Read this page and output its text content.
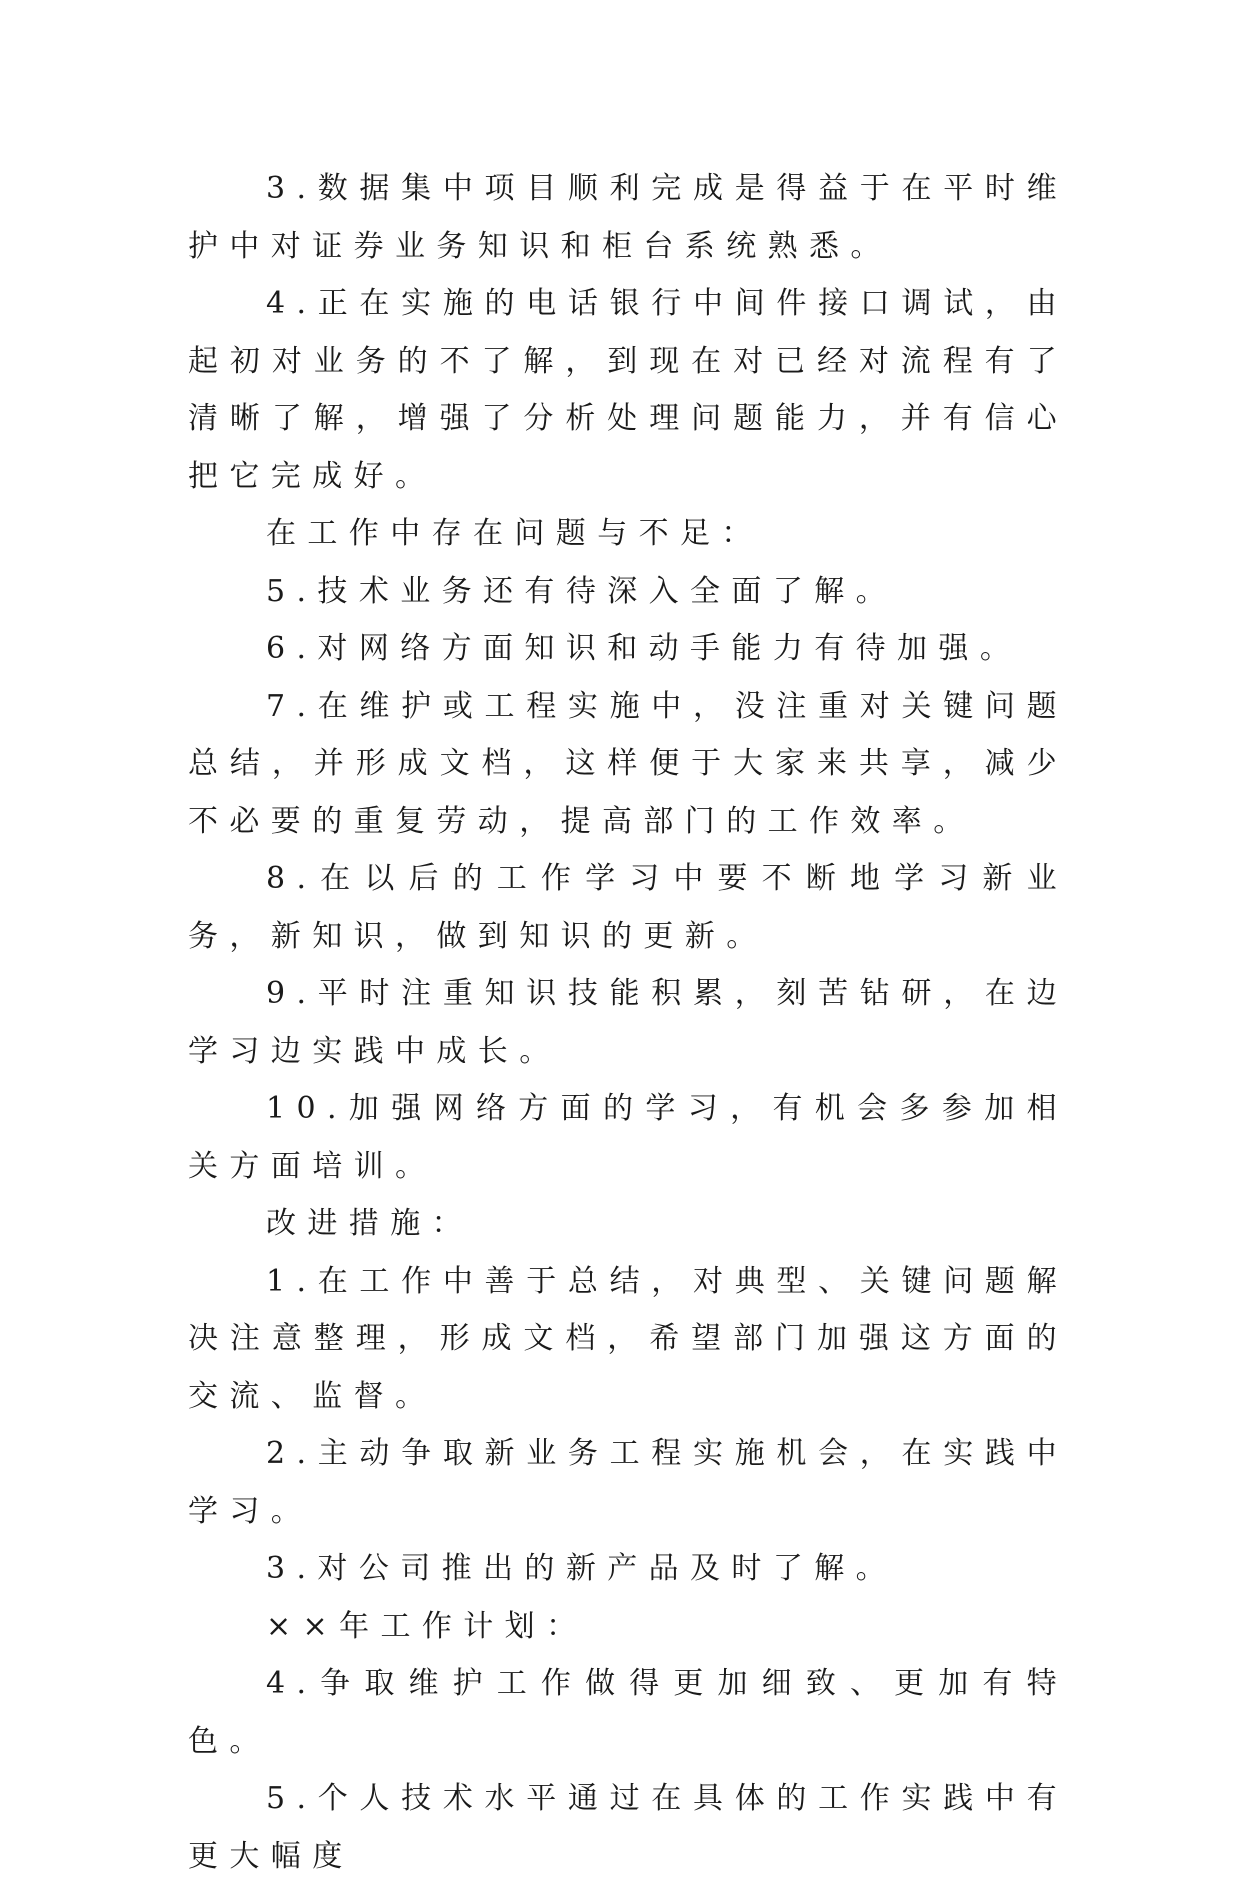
3.数据集中项目顺利完成是得益于在平时维护中对证券业务知识和柜台系统熟悉。

4.正在实施的电话银行中间件接口调试，由起初对业务的不了解，到现在对已经对流程有了清晰了解，增强了分析处理问题能力，并有信心把它完成好。

在工作中存在问题与不足：

5.技术业务还有待深入全面了解。

6.对网络方面知识和动手能力有待加强。

7.在维护或工程实施中，没注重对关键问题总结，并形成文档，这样便于大家来共享，减少不必要的重复劳动，提高部门的工作效率。

8.在以后的工作学习中要不断地学习新业务，新知识，做到知识的更新。

9.平时注重知识技能积累，刻苦钻研，在边学习边实践中成长。

10.加强网络方面的学习，有机会多参加相关方面培训。

改进措施：

1.在工作中善于总结，对典型、关键问题解决注意整理，形成文档，希望部门加强这方面的交流、监督。

2.主动争取新业务工程实施机会，在实践中学习。

3.对公司推出的新产品及时了解。

××年工作计划：

4.争取维护工作做得更加细致、更加有特色。

5.个人技术水平通过在具体的工作实践中有更大幅度
